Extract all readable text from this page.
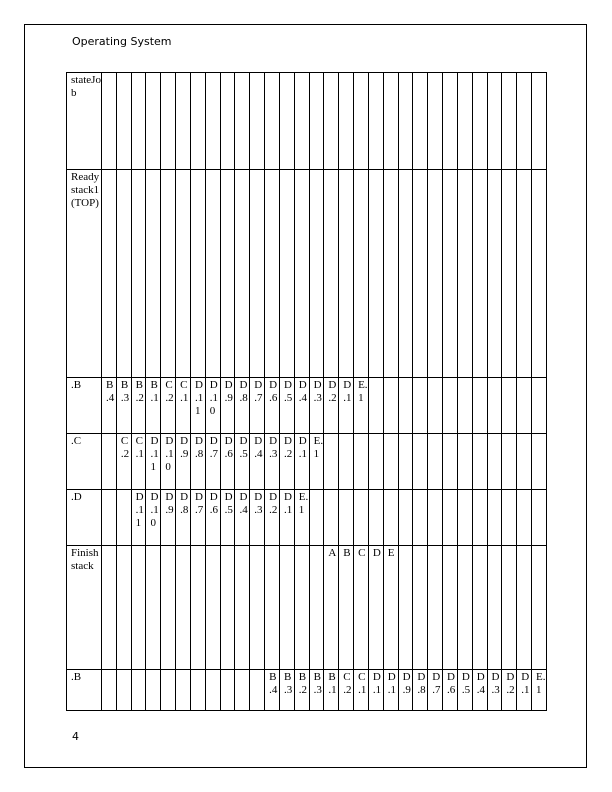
Operating System
stateJob																														
Readystack1(TOP)																														
.B	B.4	B.3	B.2	B.1	C.2	C.1	D.11	D.10	D.9	D.8	D.7	D.6	D.5	D.4	D.3	D.2	D.1	E.1												
.C		C.2	C.1	D.11	D.10	D.9	D.8	D.7	D.6	D.5	D.4	D.3	D.2	D.1	E.1															
.D			D.11	D.10	D.9	D.8	D.7	D.6	D.5	D.4	D.3	D.2	D.1	E.1																
Finishstack																A	B	C	D	E										
.B												B.4	B.3	B.2	B.3	B.1	C.2	C.1	D.1	D.1	D.9	D.8	D.7	D.6	D.5	D.4	D.3	D.2	D.1	E.1
4
